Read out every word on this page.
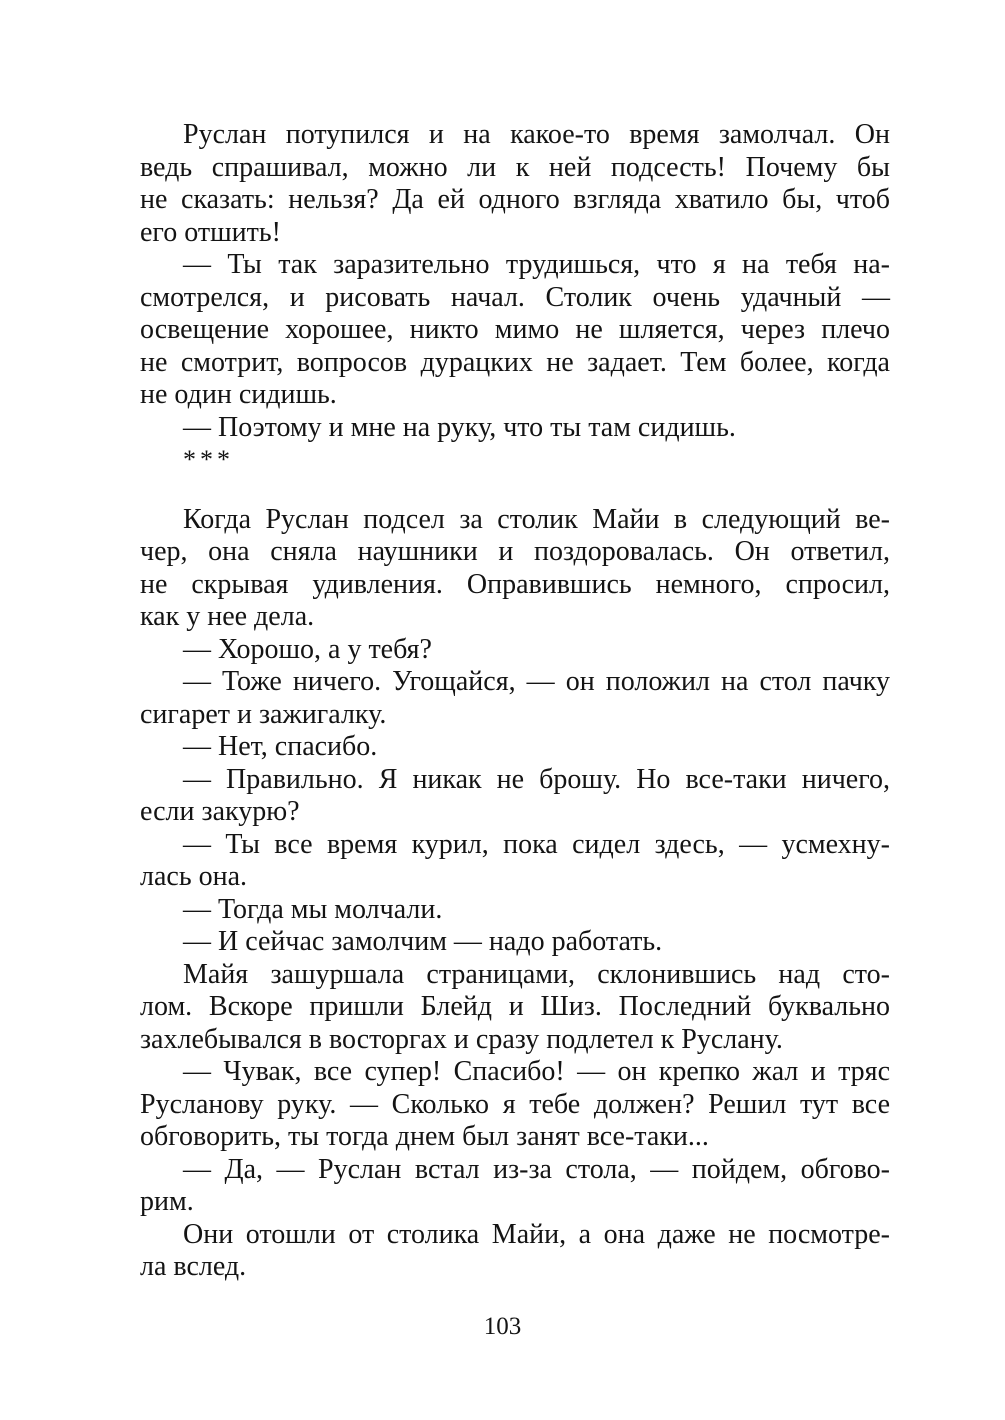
Руслан потупился и на какое-то время замолчал. Он
ведь спрашивал, можно ли к ней подсесть! Почему бы
не сказать: нельзя? Да ей одного взгляда хватило бы, чтоб
его отшить!
— Ты так заразительно трудишься, что я на тебя на-
смотрелся, и рисовать начал. Столик очень удачный —
освещение хорошее, никто мимо не шляется, через плечо
не смотрит, вопросов дурацких не задает. Тем более, когда
не один сидишь.
— Поэтому и мне на руку, что ты там сидишь.
***
Когда Руслан подсел за столик Майи в следующий ве-
чер, она сняла наушники и поздоровалась. Он ответил,
не скрывая удивления. Оправившись немного, спросил,
как у нее дела.
— Хорошо, а у тебя?
— Тоже ничего. Угощайся, — он положил на стол пачку
сигарет и зажигалку.
— Нет, спасибо.
— Правильно. Я никак не брошу. Но все-таки ничего,
если закурю?
— Ты все время курил, пока сидел здесь, — усмехну-
лась она.
— Тогда мы молчали.
— И сейчас замолчим — надо работать.
Майя зашуршала страницами, склонившись над сто-
лом. Вскоре пришли Блейд и Шиз. Последний буквально
захлебывался в восторгах и сразу подлетел к Руслану.
— Чувак, все супер! Спасибо! — он крепко жал и тряс
Русланову руку. — Сколько я тебе должен? Решил тут все
обговорить, ты тогда днем был занят все-таки...
— Да, — Руслан встал из-за стола, — пойдем, обгово-
рим.
Они отошли от столика Майи, а она даже не посмотре-
ла вслед.
103
